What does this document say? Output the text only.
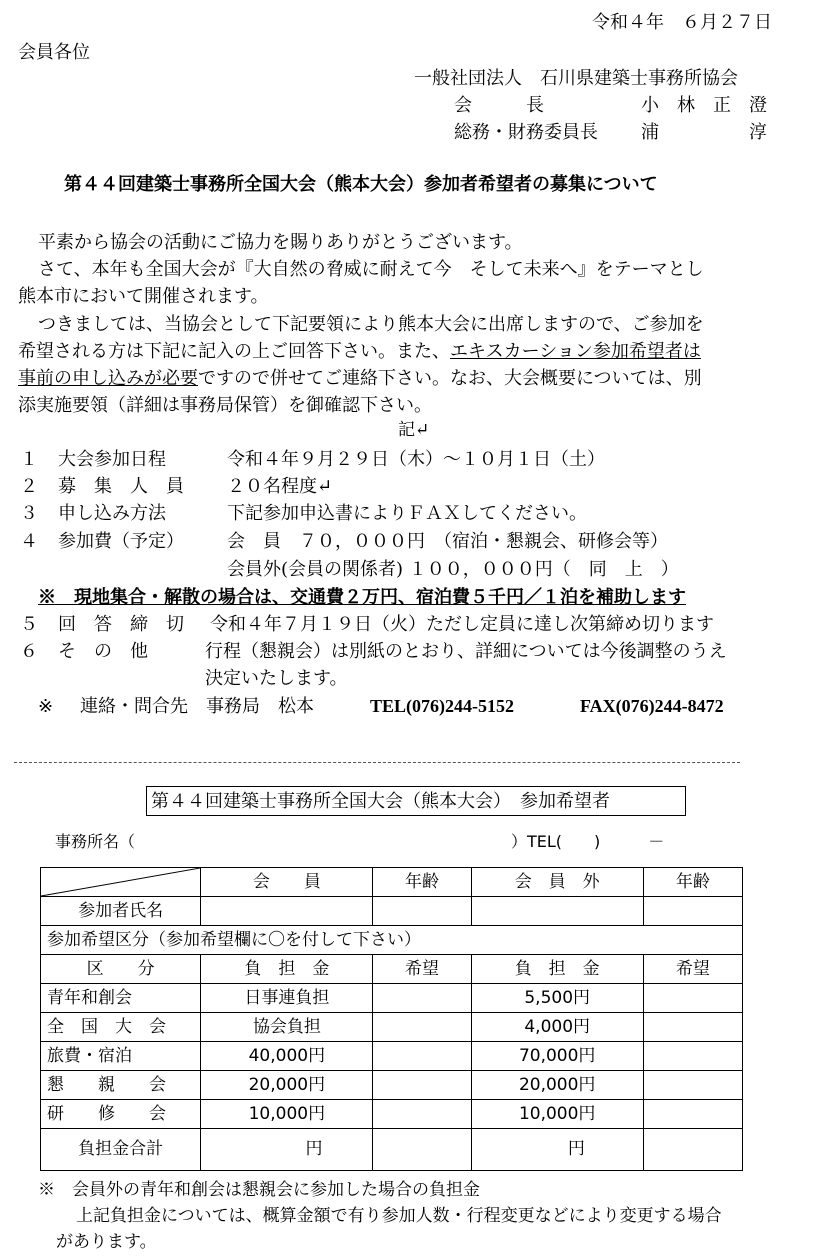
令和４年　６月２７日
会員各位
一般社団法人　石川県建築士事務所協会
会　　　長	小　林　正　澄
総務・財務委員長 浦　　　　　淳
第４４回建築士事務所全国大会（熊本大会）参加者希望者の募集について
平素から協会の活動にご協力を賜りありがとうございます。
さて、本年も全国大会が『大自然の脅威に耐えて今　そして未来へ』をテーマとし
熊本市において開催されます。
つきましては、当協会として下記要領により熊本大会に出席しますので、ご参加を
希望される方は下記に記入の上ご回答下さい。また、エキスカーション参加希望者は
事前の申し込みが必要ですので併せてご連絡下さい。なお、大会概要については、別
添実施要領（詳細は事務局保管）を御確認下さい。
記↵
１ 大会参加日程	令和４年９月２９日（木）～１０月１日（土）
２ 募　集　人　員 ２０名程度↵
３ 申し込み方法	下記参加申込書によりＦＡＸしてください。
４ 参加費（予定） 会　員　７０，０００円　（宿泊・懇親会、研修会等）
会員外(会員の関係者) １００，０００円（　同　上　）
※　現地集合・解散の場合は、交通費２万円、宿泊費５千円／１泊を補助します
５ 回　答　締　切 令和４年７月１９日（火）ただし定員に達し次第締め切ります
６ そ　の　他	行程（懇親会）は別紙のとおり、詳細については今後調整のうえ
決定いたします。
※ 連絡・問合先　事務局　松本	TEL(076)244-5152	FAX(076)244-8472
第４４回建築士事務所全国大会（熊本大会）　参加希望者
事務所名（	）TEL(　　)　　　－
	会　　員	年齢	会　員　外	年齢
参加者氏名				
参加希望区分（参加希望欄に〇を付して下さい）				
区　　分	負　担　金	希望	負　担　金	希望
青年和創会	日事連負担		5,500円	
全　国　大　会	協会負担		4,000円	
旅費・宿泊	40,000円		70,000円	
懇　　親　　会	20,000円		20,000円	
研　　修　　会	10,000円		10,000円	
負担金合計	円		円	
※　会員外の青年和創会は懇親会に参加した場合の負担金
上記負担金については、概算金額で有り参加人数・行程変更などにより変更する場合
があります。
